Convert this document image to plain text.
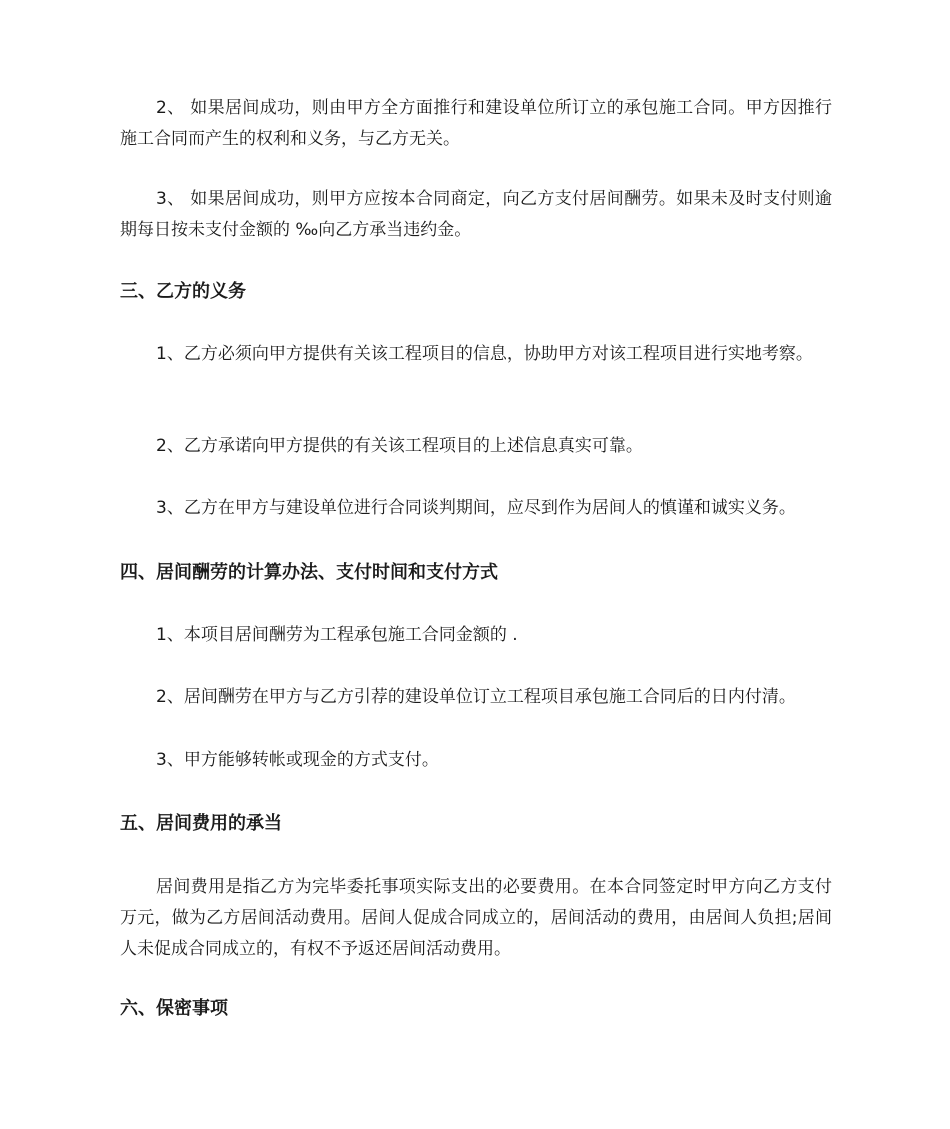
2、 如果居间成功，则由甲方全方面推行和建设单位所订立的承包施工合同。甲方因推行施工合同而产生的权利和义务，与乙方无关。

3、 如果居间成功，则甲方应按本合同商定，向乙方支付居间酬劳。如果未及时支付则逾期每日按未支付金额的 ‰向乙方承当违约金。

三、乙方的义务

1、乙方必须向甲方提供有关该工程项目的信息，协助甲方对该工程项目进行实地考察。

2、乙方承诺向甲方提供的有关该工程项目的上述信息真实可靠。

3、乙方在甲方与建设单位进行合同谈判期间，应尽到作为居间人的慎谨和诚实义务。

四、居间酬劳的计算办法、支付时间和支付方式

1、本项目居间酬劳为工程承包施工合同金额的 .

2、居间酬劳在甲方与乙方引荐的建设单位订立工程项目承包施工合同后的日内付清。

3、甲方能够转帐或现金的方式支付。

五、居间费用的承当

居间费用是指乙方为完毕委托事项实际支出的必要费用。在本合同签定时甲方向乙方支付 万元，做为乙方居间活动费用。居间人促成合同成立的，居间活动的费用，由居间人负担;居间人未促成合同成立的，有权不予返还居间活动费用。

六、保密事项
